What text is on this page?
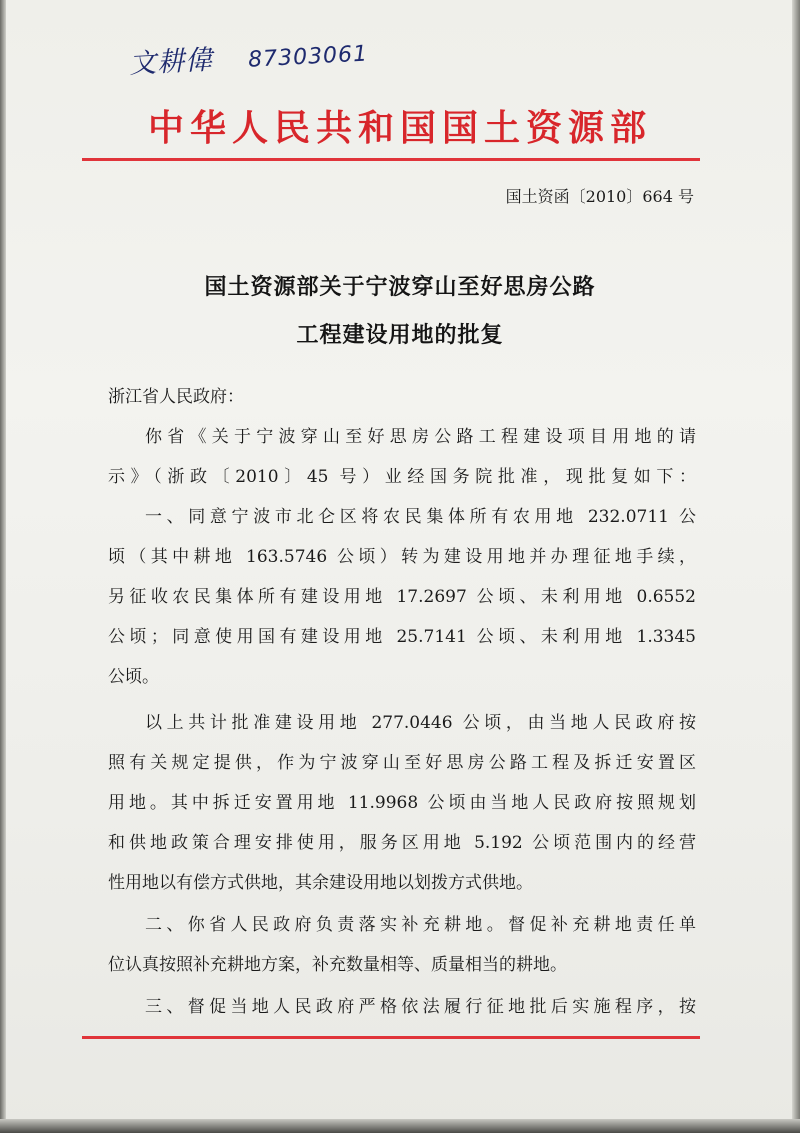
文耕偉 87303061
中华人民共和国国土资源部
国土资函〔2010〕664 号
国土资源部关于宁波穿山至好思房公路
工程建设用地的批复
浙江省人民政府：
你省《关于宁波穿山至好思房公路工程建设项目用地的请
示》（浙政〔2010〕45 号）业经国务院批准，现批复如下：
一、同意宁波市北仑区将农民集体所有农用地 232.0711 公
顷（其中耕地 163.5746 公顷）转为建设用地并办理征地手续，
另征收农民集体所有建设用地 17.2697 公顷、未利用地 0.6552
公顷；同意使用国有建设用地 25.7141 公顷、未利用地 1.3345
公顷。
以上共计批准建设用地 277.0446 公顷，由当地人民政府按
照有关规定提供，作为宁波穿山至好思房公路工程及拆迁安置区
用地。其中拆迁安置用地 11.9968 公顷由当地人民政府按照规划
和供地政策合理安排使用，服务区用地 5.192 公顷范围内的经营
性用地以有偿方式供地，其余建设用地以划拨方式供地。
二、你省人民政府负责落实补充耕地。督促补充耕地责任单
位认真按照补充耕地方案，补充数量相等、质量相当的耕地。
三、督促当地人民政府严格依法履行征地批后实施程序，按
